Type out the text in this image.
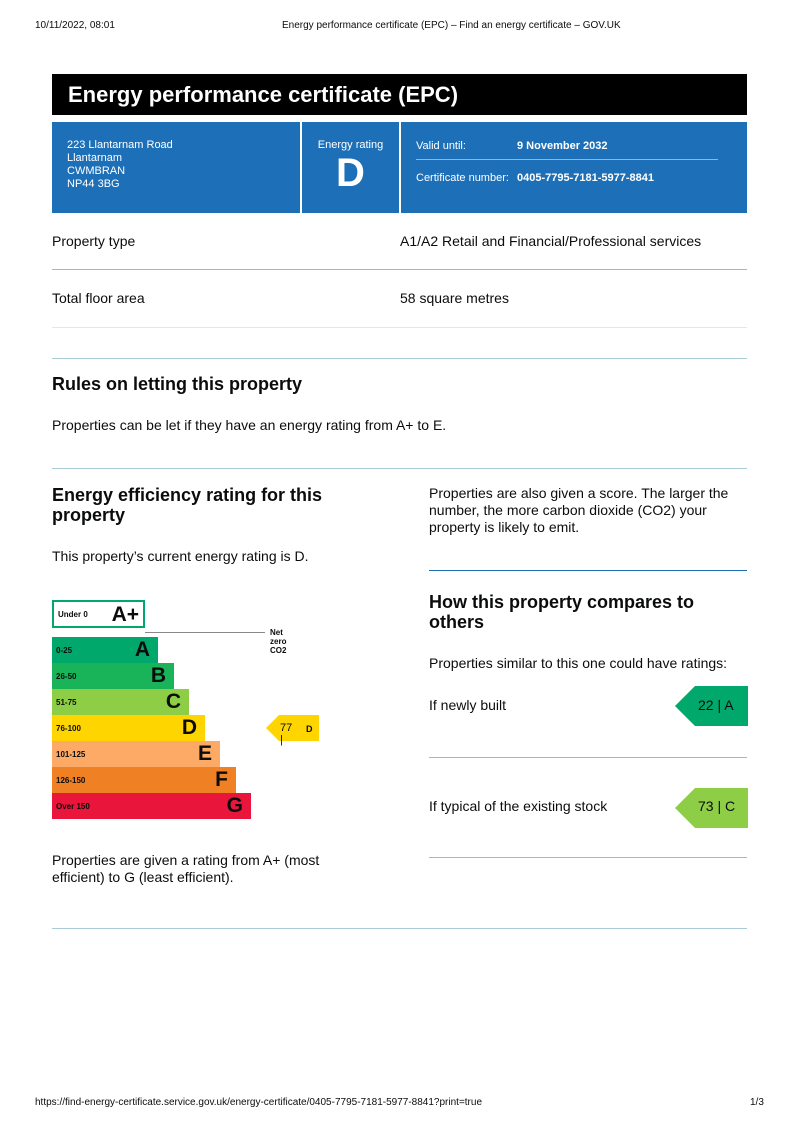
10/11/2022, 08:01	Energy performance certificate (EPC) – Find an energy certificate – GOV.UK
https://find-energy-certificate.service.gov.uk/energy-certificate/0405-7795-7181-5977-8841?print=true	1/3
Energy performance certificate (EPC)
223 Llantarnam Road
Llantarnam
CWMBRAN
NP44 3BG
Energy rating
D
Valid until:	9 November 2032
Certificate number: 0405-7795-7181-5977-8841
Property type	A1/A2 Retail and Financial/Professional services
Total floor area	58 square metres
Rules on letting this property
Properties can be let if they have an energy rating from A+ to E.
Energy efficiency rating for this property
This property’s current energy rating is D.
Under 0 A+
Net zero CO2
0-25	A
26-50	B
51-75	C
76-100	D
101-125	E
126-150	F
Over 150	G
77 |
D
Properties are given a rating from A+ (most efficient) to G (least efficient).
Properties are also given a score. The larger the number, the more carbon dioxide (CO2) your property is likely to emit.
How this property compares to others
Properties similar to this one could have ratings:
If newly built	22 | A
If typical of the existing stock	73 | C
